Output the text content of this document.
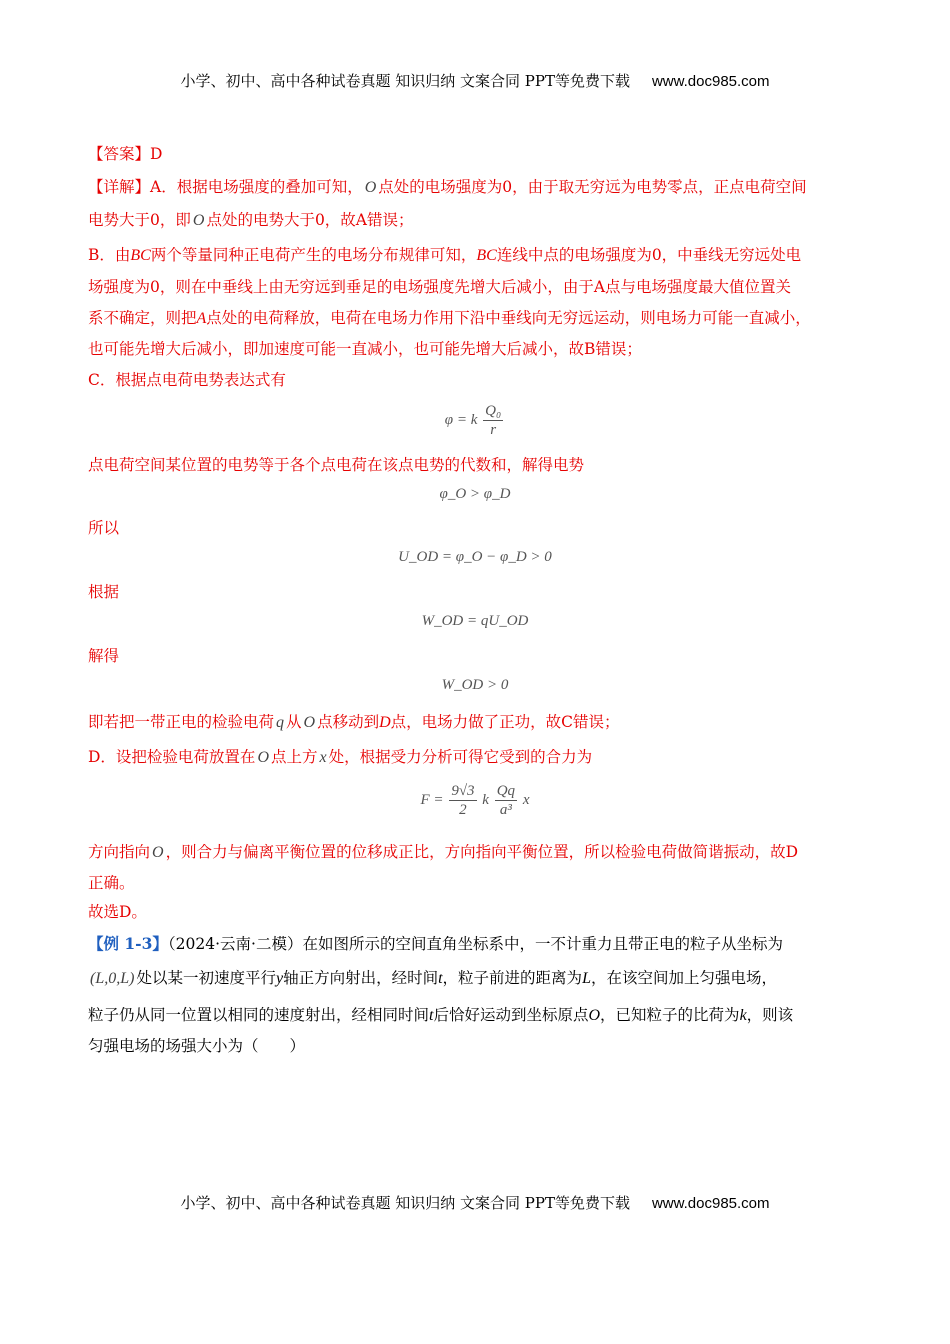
小学、初中、高中各种试卷真题 知识归纳 文案合同 PPT等免费下载 www.doc985.com
【答案】D
【详解】A．根据电场强度的叠加可知， O 点处的电场强度为0，由于取无穷远为电势零点，正点电荷空间
电势大于0，即 O 点处的电势大于0，故A错误；
B．由BC两个等量同种正电荷产生的电场分布规律可知，BC连线中点的电场强度为0，中垂线无穷远处电
场强度为0，则在中垂线上由无穷远到垂足的电场强度先增大后减小，由于A点与电场强度最大值位置关
系不确定，则把A点处的电荷释放，电荷在电场力作用下沿中垂线向无穷远运动，则电场力可能一直减小，
也可能先增大后减小，即加速度可能一直减小，也可能先增大后减小，故B错误；
C．根据点电荷电势表达式有
φ = k $\frac{\text{Q₀}}{r}$
点电荷空间某位置的电势等于各个点电荷在该点电势的代数和，解得电势
φ_O > φ_D
所以
U_OD = φ_O − φ_D > 0
根据
W_OD = qU_OD
解得
W_OD > 0
即若把一带正电的检验电荷 q 从 O 点移动到D点，电场力做了正功，故C错误；
D．设把检验电荷放置在 O 点上方 x 处，根据受力分析可得它受到的合力为
$F = \frac{9√3}{2}$ k $\frac{Qq}{\text{a³}}$ x
方向指向 O ，则合力与偏离平衡位置的位移成正比，方向指向平衡位置，所以检验电荷做简谐振动，故D
正确。
故选D。
【例 1-3】（2024·云南·二模）在如图所示的空间直角坐标系中，一不计重力且带正电的粒子从坐标为
(L,0,L) 处以某一初速度平行y轴正方向射出，经时间t，粒子前进的距离为L，在该空间加上匀强电场，
粒子仍从同一位置以相同的速度射出，经相同时间t后恰好运动到坐标原点O，已知粒子的比荷为k，则该
匀强电场的场强大小为（　　）
小学、初中、高中各种试卷真题 知识归纳 文案合同 PPT等免费下载 www.doc985.com
